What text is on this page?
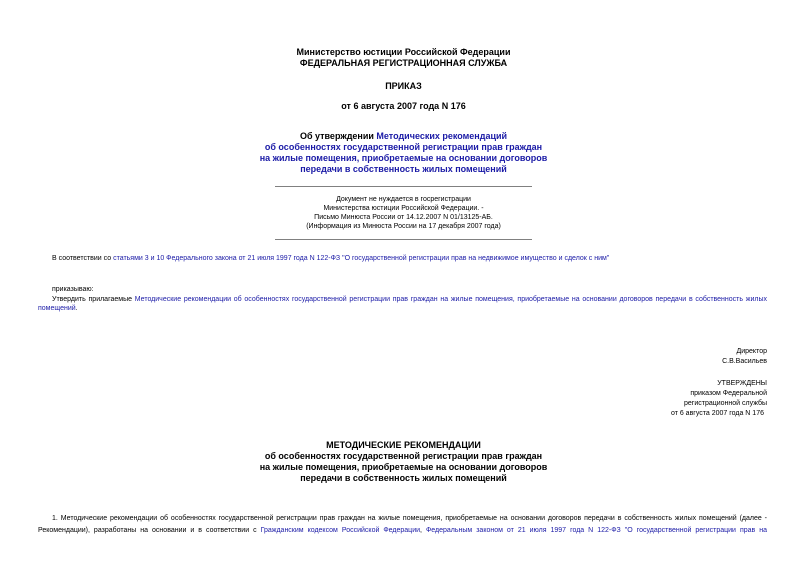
Министерство юстиции Российской Федерации
ФЕДЕРАЛЬНАЯ РЕГИСТРАЦИОННАЯ СЛУЖБА
ПРИКАЗ
от 6 августа 2007 года N 176
Об утверждении Методических рекомендаций
об особенностях государственной регистрации прав граждан
на жилые помещения, приобретаемые на основании договоров
передачи в собственность жилых помещений
Документ не нуждается в госрегистрации
Министерства юстиции Российской Федерации. -
Письмо Минюста России от 14.12.2007 N 01/13125-АБ.
(Информация из Минюста России на 17 декабря 2007 года)
В соответствии со статьями 3 и 10 Федерального закона от 21 июля 1997 года N 122-ФЗ "О государственной регистрации прав на недвижимое имущество и сделок с ним"
приказываю:
Утвердить прилагаемые Методические рекомендации об особенностях государственной регистрации прав граждан на жилые помещения, приобретаемые на основании договоров передачи в собственность жилых помещений.
Директор
С.В.Васильев
УТВЕРЖДЕНЫ
приказом Федеральной
регистрационной службы
от 6 августа 2007 года N 176
МЕТОДИЧЕСКИЕ РЕКОМЕНДАЦИИ
об особенностях государственной регистрации прав граждан
на жилые помещения, приобретаемые на основании договоров
передачи в собственность жилых помещений
1. Методические рекомендации об особенностях государственной регистрации прав граждан на жилые помещения, приобретаемые на основании договоров передачи в собственность жилых помещений (далее -
Рекомендации), разработаны на основании и в соответствии с Гражданским кодексом Российской Федерации, Федеральным законом от 21 июля 1997 года N 122-ФЗ "О государственной регистрации прав на
